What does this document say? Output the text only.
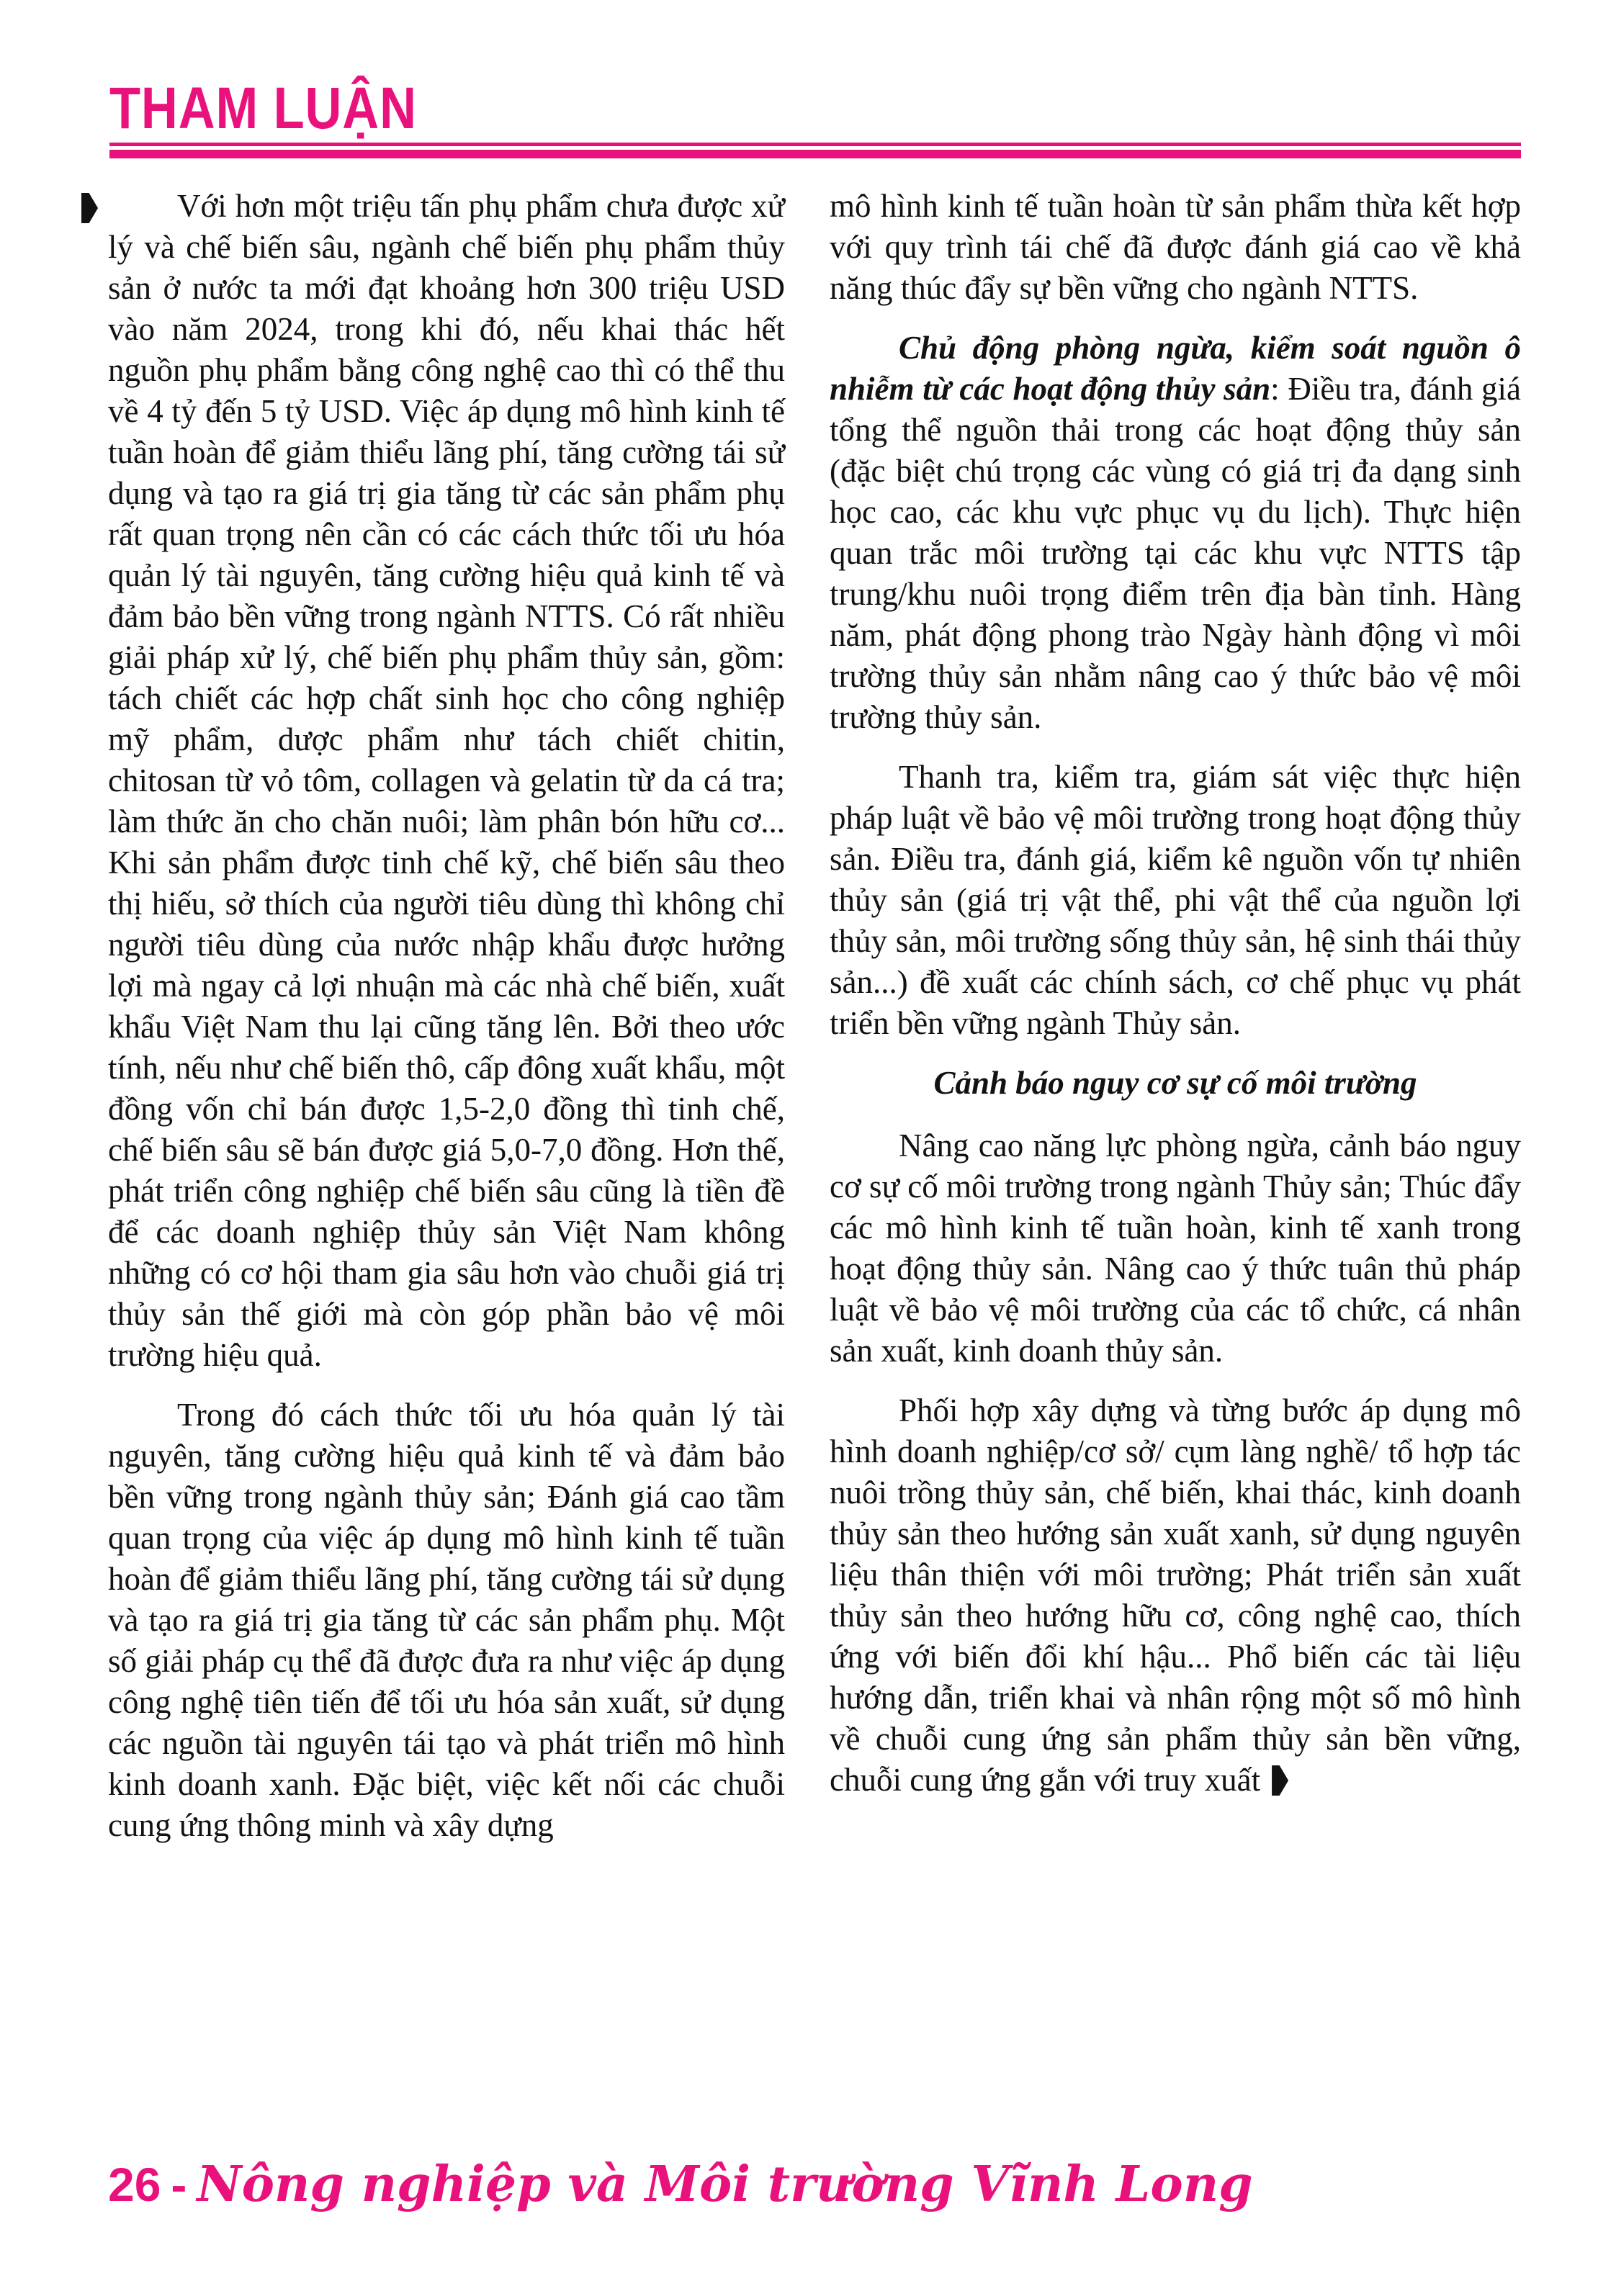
THAM LUẬN

Với hơn một triệu tấn phụ phẩm chưa được xử lý và chế biến sâu, ngành chế biến phụ phẩm thủy sản ở nước ta mới đạt khoảng hơn 300 triệu USD vào năm 2024, trong khi đó, nếu khai thác hết nguồn phụ phẩm bằng công nghệ cao thì có thể thu về 4 tỷ đến 5 tỷ USD. Việc áp dụng mô hình kinh tế tuần hoàn để giảm thiểu lãng phí, tăng cường tái sử dụng và tạo ra giá trị gia tăng từ các sản phẩm phụ rất quan trọng nên cần có các cách thức tối ưu hóa quản lý tài nguyên, tăng cường hiệu quả kinh tế và đảm bảo bền vững trong ngành NTTS. Có rất nhiều giải pháp xử lý, chế biến phụ phẩm thủy sản, gồm: tách chiết các hợp chất sinh học cho công nghiệp mỹ phẩm, dược phẩm như tách chiết chitin, chitosan từ vỏ tôm, collagen và gelatin từ da cá tra; làm thức ăn cho chăn nuôi; làm phân bón hữu cơ... Khi sản phẩm được tinh chế kỹ, chế biến sâu theo thị hiếu, sở thích của người tiêu dùng thì không chỉ người tiêu dùng của nước nhập khẩu được hưởng lợi mà ngay cả lợi nhuận mà các nhà chế biến, xuất khẩu Việt Nam thu lại cũng tăng lên. Bởi theo ước tính, nếu như chế biến thô, cấp đông xuất khẩu, một đồng vốn chỉ bán được 1,5-2,0 đồng thì tinh chế, chế biến sâu sẽ bán được giá 5,0-7,0 đồng. Hơn thế, phát triển công nghiệp chế biến sâu cũng là tiền đề để các doanh nghiệp thủy sản Việt Nam không những có cơ hội tham gia sâu hơn vào chuỗi giá trị thủy sản thế giới mà còn góp phần bảo vệ môi trường hiệu quả.

Trong đó cách thức tối ưu hóa quản lý tài nguyên, tăng cường hiệu quả kinh tế và đảm bảo bền vững trong ngành thủy sản; Đánh giá cao tầm quan trọng của việc áp dụng mô hình kinh tế tuần hoàn để giảm thiểu lãng phí, tăng cường tái sử dụng và tạo ra giá trị gia tăng từ các sản phẩm phụ. Một số giải pháp cụ thể đã được đưa ra như việc áp dụng công nghệ tiên tiến để tối ưu hóa sản xuất, sử dụng các nguồn tài nguyên tái tạo và phát triển mô hình kinh doanh xanh. Đặc biệt, việc kết nối các chuỗi cung ứng thông minh và xây dựng

mô hình kinh tế tuần hoàn từ sản phẩm thừa kết hợp với quy trình tái chế đã được đánh giá cao về khả năng thúc đẩy sự bền vững cho ngành NTTS.

Chủ động phòng ngừa, kiểm soát nguồn ô nhiễm từ các hoạt động thủy sản: Điều tra, đánh giá tổng thể nguồn thải trong các hoạt động thủy sản (đặc biệt chú trọng các vùng có giá trị đa dạng sinh học cao, các khu vực phục vụ du lịch). Thực hiện quan trắc môi trường tại các khu vực NTTS tập trung/khu nuôi trọng điểm trên địa bàn tỉnh. Hàng năm, phát động phong trào Ngày hành động vì môi trường thủy sản nhằm nâng cao ý thức bảo vệ môi trường thủy sản.

Thanh tra, kiểm tra, giám sát việc thực hiện pháp luật về bảo vệ môi trường trong hoạt động thủy sản. Điều tra, đánh giá, kiểm kê nguồn vốn tự nhiên thủy sản (giá trị vật thể, phi vật thể của nguồn lợi thủy sản, môi trường sống thủy sản, hệ sinh thái thủy sản...) đề xuất các chính sách, cơ chế phục vụ phát triển bền vững ngành Thủy sản.

Cảnh báo nguy cơ sự cố môi trường

Nâng cao năng lực phòng ngừa, cảnh báo nguy cơ sự cố môi trường trong ngành Thủy sản; Thúc đẩy các mô hình kinh tế tuần hoàn, kinh tế xanh trong hoạt động thủy sản. Nâng cao ý thức tuân thủ pháp luật về bảo vệ môi trường của các tổ chức, cá nhân sản xuất, kinh doanh thủy sản.

Phối hợp xây dựng và từng bước áp dụng mô hình doanh nghiệp/cơ sở/ cụm làng nghề/ tổ hợp tác nuôi trồng thủy sản, chế biến, khai thác, kinh doanh thủy sản theo hướng sản xuất xanh, sử dụng nguyên liệu thân thiện với môi trường; Phát triển sản xuất thủy sản theo hướng hữu cơ, công nghệ cao, thích ứng với biến đổi khí hậu... Phổ biến các tài liệu hướng dẫn, triển khai và nhân rộng một số mô hình về chuỗi cung ứng sản phẩm thủy sản bền vững, chuỗi cung ứng gắn với truy xuất

26 - Nông nghiệp và Môi trường Vĩnh Long
